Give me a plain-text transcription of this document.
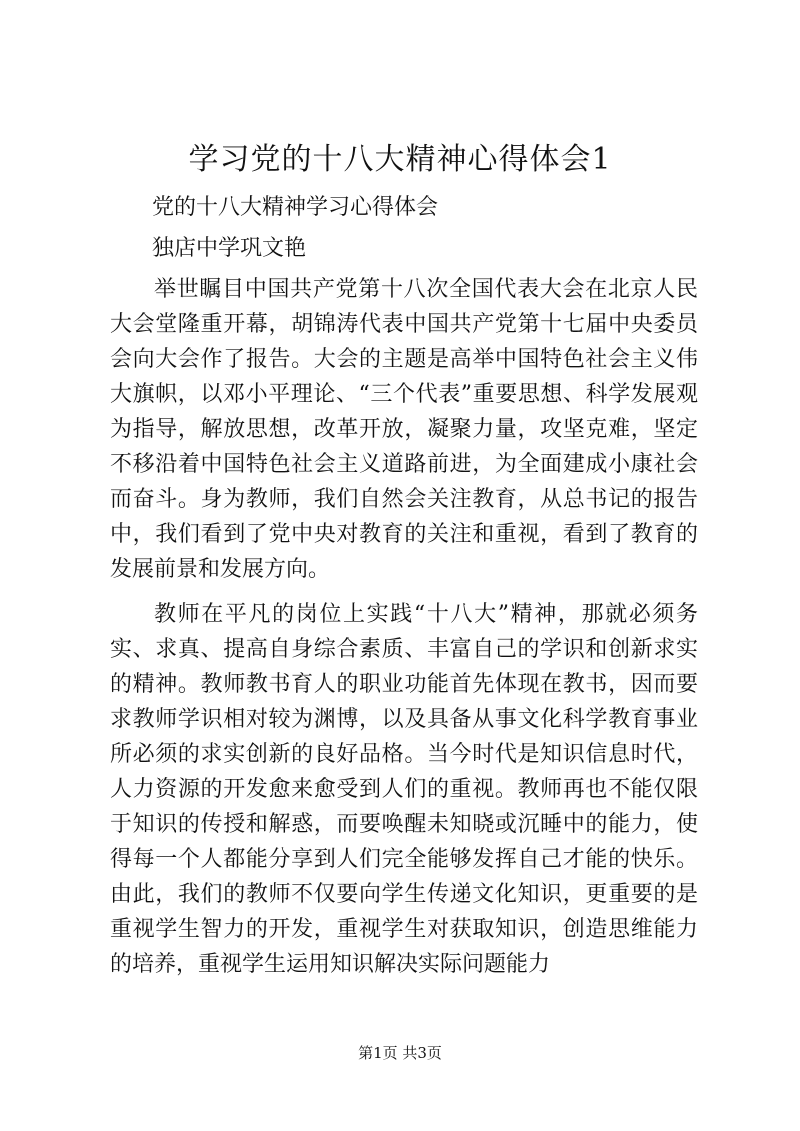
学习党的十八大精神心得体会1
党的十八大精神学习心得体会
独店中学巩文艳

举世瞩目中国共产党第十八次全国代表大会在北京人民大会堂隆重开幕，胡锦涛代表中国共产党第十七届中央委员会向大会作了报告。大会的主题是高举中国特色社会主义伟大旗帜，以邓小平理论、“三个代表”重要思想、科学发展观为指导，解放思想，改革开放，凝聚力量，攻坚克难，坚定不移沿着中国特色社会主义道路前进，为全面建成小康社会而奋斗。身为教师，我们自然会关注教育，从总书记的报告中，我们看到了党中央对教育的关注和重视，看到了教育的发展前景和发展方向。

教师在平凡的岗位上实践“十八大”精神，那就必须务实、求真、提高自身综合素质、丰富自己的学识和创新求实的精神。教师教书育人的职业功能首先体现在教书，因而要求教师学识相对较为渊博，以及具备从事文化科学教育事业所必须的求实创新的良好品格。当今时代是知识信息时代，人力资源的开发愈来愈受到人们的重视。教师再也不能仅限于知识的传授和解惑，而要唤醒未知晓或沉睡中的能力，使得每一个人都能分享到人们完全能够发挥自己才能的快乐。由此，我们的教师不仅要向学生传递文化知识，更重要的是重视学生智力的开发，重视学生对获取知识，创造思维能力的培养，重视学生运用知识解决实际问题能力

第1页 共3页
